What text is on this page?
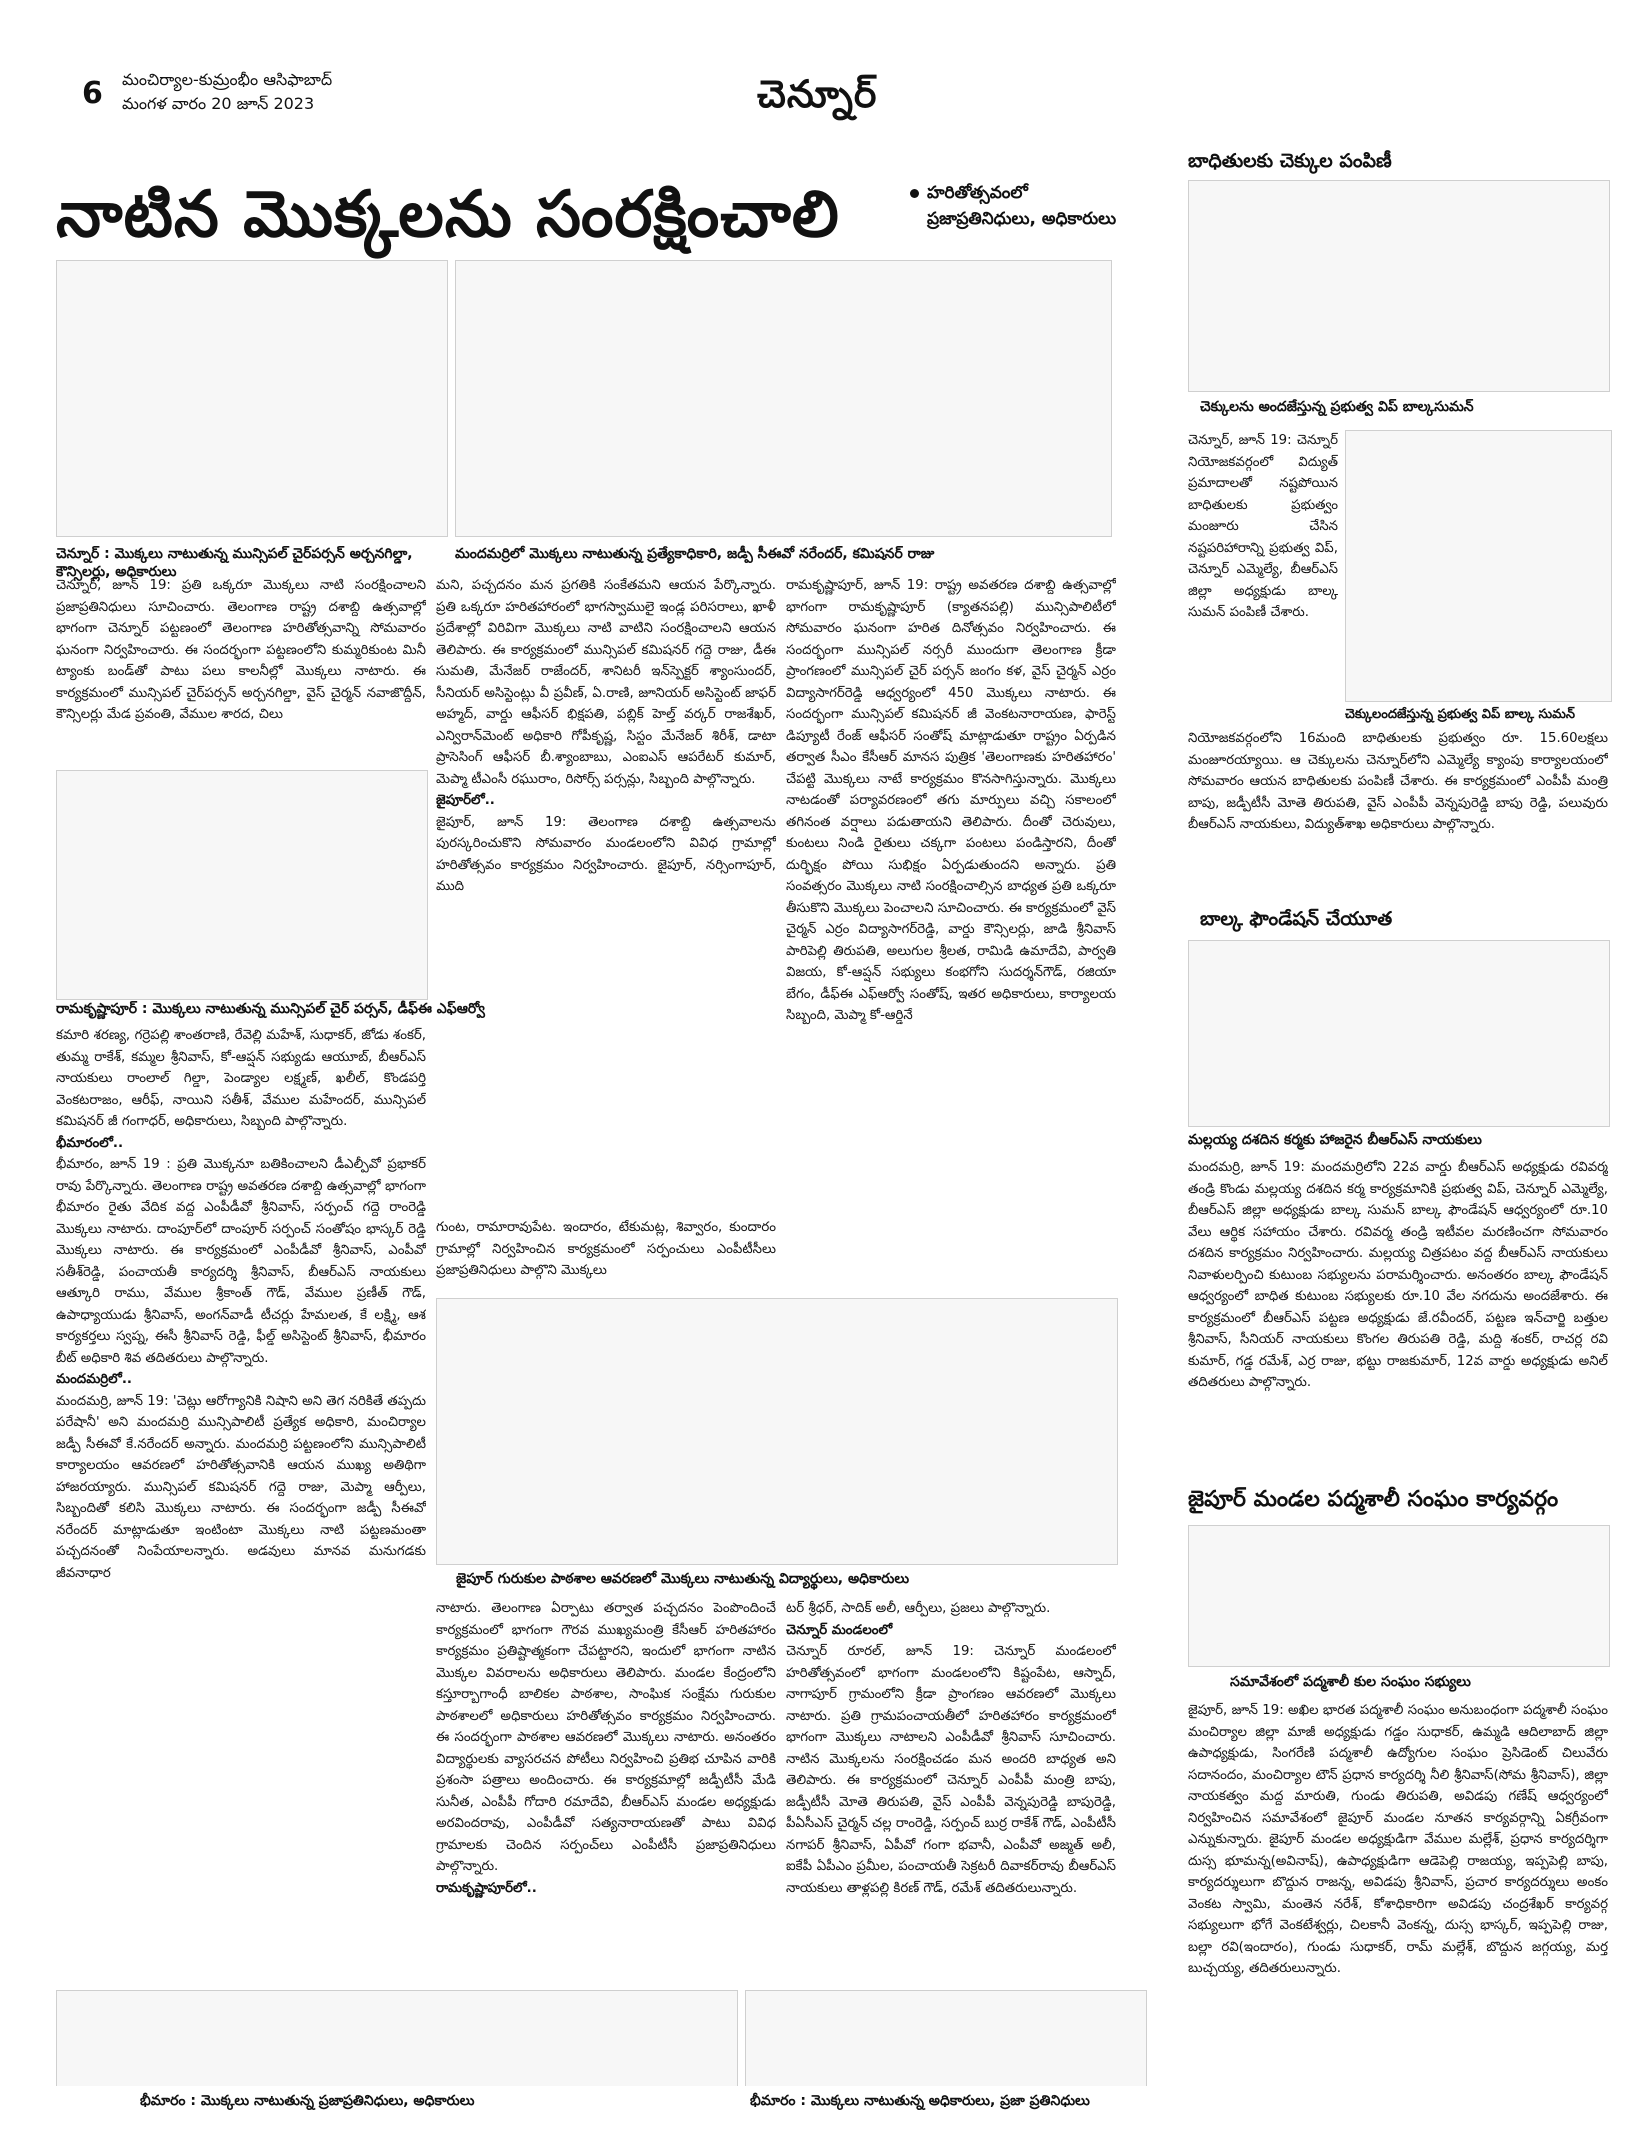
6 మంచిర్యాల-కుమ్రంభీం ఆసిఫాబాద్
మంగళ వారం 20 జూన్ 2023	చెన్నూర్
నాటిన మొక్కలను సంరక్షించాలి	హరితోత్సవంలో
ప్రజాప్రతినిధులు, అధికారులు
చెన్నూర్ : మొక్కలు నాటుతున్న మున్సిపల్ చైర్‌పర్సన్ అర్చనగిల్డా, కౌన్సిలర్లు, అధికారులు
మందమర్రిలో మొక్కలు నాటుతున్న ప్రత్యేకాధికారి, జడ్పీ సీఈవో నరేందర్, కమిషనర్ రాజు

చెన్నూర్, జూన్ 19: ప్రతి ఒక్కరూ మొక్కలు నాటి సంరక్షించాలని ప్రజాప్రతినిధులు సూచించారు. తెలంగాణ రాష్ట్ర దశాబ్ది ఉత్సవాల్లో భాగంగా చెన్నూర్ పట్టణంలో తెలంగాణ హరితోత్సవాన్ని సోమవారం ఘనంగా నిర్వహించారు. ఈ సందర్భంగా పట్టణంలోని కుమ్మరికుంట మినీ ట్యాంకు బండ్‌తో పాటు పలు కాలనీల్లో మొక్కలు నాటారు. ఈ కార్యక్రమంలో మున్సిపల్ చైర్‌పర్సన్ అర్చనగిల్డా, వైస్ చైర్మన్ నవాజొద్దీన్, కౌన్సిలర్లు మేడ ప్రవంతి, వేముల శారద, చిలు

మని, పచ్చదనం మన ప్రగతికి సంకేతమని ఆయన పేర్కొన్నారు. ప్రతి ఒక్కరూ హరితహారంలో భాగస్వాములై ఇండ్ల పరిసరాలు, ఖాళీ ప్రదేశాల్లో విరివిగా మొక్కలు నాటి వాటిని సంరక్షించాలని ఆయన తెలిపారు. ఈ కార్యక్రమంలో మున్సిపల్ కమిషనర్ గద్దె రాజు, డీఈ సుమతి, మేనేజర్ రాజేందర్, శానిటరీ ఇన్‌స్పెక్టర్ శ్యాంసుందర్, సీనియర్ అసిస్టెంట్లు వీ ప్రవీణ్, ఏ.రాణి, జూనియర్ అసిస్టెంట్ జాఫర్ అహ్మద్, వార్డు ఆఫీసర్ భిక్షపతి, పబ్లిక్ హెల్త్ వర్కర్ రాజశేఖర్, ఎన్విరాన్‌మెంట్ అధికారి గోపీకృష్ణ, సిస్టం మేనేజర్ శిరీశ్, డాటా ప్రాసెసింగ్ ఆఫీసర్ బీ.శ్యాంబాబు, ఎంఐఎస్ ఆపరేటర్ కుమార్, మెప్మా టీఎంసీ రఘురాం, రిసోర్స్ పర్సన్లు, సిబ్బంది పాల్గొన్నారు.

జైపూర్‌లో..

జైపూర్, జూన్ 19: తెలంగాణ దశాబ్ది ఉత్సవాలను పురస్కరించుకొని సోమవారం మండలంలోని వివిధ గ్రామాల్లో హరితోత్సవం కార్యక్రమం నిర్వహించారు. జైపూర్, నర్సింగాపూర్, ముది

రామకృష్ణాపూర్, జూన్ 19: రాష్ట్ర అవతరణ దశాబ్ది ఉత్సవాల్లో భాగంగా రామకృష్ణాపూర్ (క్యాతనపల్లి) మున్సిపాలిటీలో సోమవారం ఘనంగా హరిత దినోత్సవం నిర్వహించారు. ఈ సందర్భంగా మున్సిపల్ నర్సరీ ముందుగా తెలంగాణ క్రీడా ప్రాంగణంలో మున్సిపల్ చైర్ పర్సన్ జంగం కళ, వైస్ చైర్మన్ ఎర్రం విద్యాసాగర్‌రెడ్డి ఆధ్వర్యంలో 450 మొక్కలు నాటారు. ఈ సందర్భంగా మున్సిపల్ కమిషనర్ జీ వెంకటనారాయణ, ఫారెస్ట్ డిప్యూటీ రేంజ్ ఆఫీసర్ సంతోష్ మాట్లాడుతూ రాష్ట్రం ఏర్పడిన తర్వాత సీఎం కేసీఆర్ మానస పుత్రిక 'తెలంగాణకు హరితహారం' చేపట్టి మొక్కలు నాటే కార్యక్రమం కొనసాగిస్తున్నారు. మొక్కలు నాటడంతో పర్యావరణంలో తగు మార్పులు వచ్చి సకాలంలో తగినంత వర్షాలు పడుతాయని తెలిపారు. దీంతో చెరువులు, కుంటలు నిండి రైతులు చక్కగా పంటలు పండిస్తారని, దీంతో దుర్భిక్షం పోయి సుభిక్షం ఏర్పడుతుందని అన్నారు. ప్రతి సంవత్సరం మొక్కలు నాటి సంరక్షించాల్సిన బాధ్యత ప్రతి ఒక్కరూ తీసుకొని మొక్కలు పెంచాలని సూచించారు. ఈ కార్యక్రమంలో వైస్ చైర్మన్ ఎర్రం విద్యాసాగర్‌రెడ్డి, వార్డు కౌన్సిలర్లు, జాడి శ్రీనివాస్ పారిపెల్లి తిరుపతి, అలుగుల శ్రీలత, రామిడి ఉమాదేవి, పార్వతి విజయ, కో-ఆప్షన్ సభ్యులు కంభగోని సుదర్శన్‌గౌడ్, రజియా బేగం, డీఫ్ఈ ఎఫ్‌ఆర్వో సంతోష్, ఇతర అధికారులు, కార్యాలయ సిబ్బంది, మెప్మా కో-ఆర్డినే

రామకృష్ణాపూర్ : మొక్కలు నాటుతున్న మున్సిపల్ చైర్ పర్సన్, డీఫ్ఈ ఎఫ్‌ఆర్వో

కమారి శరణ్య, గర్రెపల్లి శాంతరాణి, రేవెల్లి మహేశ్, సుధాకర్, జోడు శంకర్, తుమ్మ రాకేశ్, కమ్మల శ్రీనివాస్, కో-ఆప్షన్ సభ్యుడు ఆయూబ్, బీఆర్‌ఎస్ నాయకులు రాంలాల్ గిల్డా, పెండ్యాల లక్ష్మణ్, ఖలీల్, కొండపర్తి వెంకటరాజం, ఆరీఫ్, నాయిని సతీశ్, వేముల మహేందర్, మున్సిపల్ కమిషనర్ జీ గంగాధర్, అధికారులు, సిబ్బంది పాల్గొన్నారు.

భీమారంలో..

భీమారం, జూన్ 19 : ప్రతి మొక్కనూ బతికించాలని డీఎల్పీవో ప్రభాకర్ రావు పేర్కొన్నారు. తెలంగాణ రాష్ట్ర అవతరణ దశాబ్ది ఉత్సవాల్లో భాగంగా భీమారం రైతు వేదిక వద్ద ఎంపీడీవో శ్రీనివాస్, సర్పంచ్ గద్దె రాంరెడ్డి మొక్కలు నాటారు. దాంపూర్‌లో దాంపూర్ సర్పంచ్ సంతోషం భాస్కర్ రెడ్డి మొక్కలు నాటారు. ఈ కార్యక్రమంలో ఎంపీడీవో శ్రీనివాస్, ఎంపీవో సతీశ్‌రెడ్డి, పంచాయతీ కార్యదర్శి శ్రీనివాస్, బీఆర్‌ఎస్ నాయకులు ఆత్కూరి రాము, వేముల శ్రీకాంత్ గౌడ్, వేముల ప్రణీత్ గౌడ్, ఉపాధ్యాయుడు శ్రీనివాస్, అంగన్‌వాడీ టీచర్లు హేమలత, కే లక్ష్మి, ఆశ కార్యకర్తలు స్వప్న, ఈసీ శ్రీనివాస్ రెడ్డి, ఫీల్డ్ అసిస్టెంట్ శ్రీనివాస్, భీమారం బీట్ అధికారి శివ తదితరులు పాల్గొన్నారు.

మందమర్రిలో..

మందమర్రి, జూన్ 19: 'చెట్లు ఆరోగ్యానికి నిషాని అని తెగ నరికితే తప్పదు పరేషానీ' అని మందమర్రి మున్సిపాలిటీ ప్రత్యేక అధికారి, మంచిర్యాల జడ్పీ సీఈవో కే.నరేందర్ అన్నారు. మందమర్రి పట్టణంలోని మున్సిపాలిటీ కార్యాలయం ఆవరణలో హరితోత్సవానికి ఆయన ముఖ్య అతిథిగా హాజరయ్యారు. మున్సిపల్ కమిషనర్ గద్దె రాజు, మెప్మా ఆర్పీలు, సిబ్బందితో కలిసి మొక్కలు నాటారు. ఈ సందర్భంగా జడ్పీ సీఈవో నరేందర్ మాట్లాడుతూ ఇంటింటా మొక్కలు నాటి పట్టణమంతా పచ్చదనంతో నింపేయాలన్నారు. అడవులు మానవ మనుగడకు జీవనాధార

గుంట, రామారావుపేట. ఇందారం, టేకుమట్ల, శివ్వారం, కుందారం గ్రామాల్లో నిర్వహించిన కార్యక్రమంలో సర్పంచులు ఎంపీటీసీలు ప్రజాప్రతినిధులు పాల్గొని మొక్కలు

జైపూర్ గురుకుల పాఠశాల ఆవరణలో మొక్కలు నాటుతున్న విద్యార్థులు, అధికారులు

నాటారు. తెలంగాణ ఏర్పాటు తర్వాత పచ్చదనం పెంపొందించే కార్యక్రమంలో భాగంగా గౌరవ ముఖ్యమంత్రి కేసీఆర్ హరితహారం కార్యక్రమం ప్రతిష్టాత్మకంగా చేపట్టారని, ఇందులో భాగంగా నాటిన మొక్కల వివరాలను అధికారులు తెలిపారు. మండల కేంద్రంలోని కస్తూర్బాగాంధీ బాలికల పాఠశాల, సాంఘిక సంక్షేమ గురుకుల పాఠశాలలో అధికారులు హరితోత్సవం కార్యక్రమం నిర్వహించారు. ఈ సందర్భంగా పాఠశాల ఆవరణలో మొక్కలు నాటారు. అనంతరం విద్యార్థులకు వ్యాసరచన పోటీలు నిర్వహించి ప్రతిభ చూపిన వారికి ప్రశంసా పత్రాలు అందించారు. ఈ కార్యక్రమాల్లో జడ్పీటీసీ మేడి సునీత, ఎంపీపీ గోదారి రమాదేవి, బీఆర్‌ఎస్ మండల అధ్యక్షుడు అరవిందరావు, ఎంపీడీవో సత్యనారాయణతో పాటు వివిధ గ్రామాలకు చెందిన సర్పంచ్‌లు ఎంపీటీసీ ప్రజాప్రతినిధులు పాల్గొన్నారు.

రామకృష్ణాపూర్‌లో..

టర్ శ్రీధర్, సాదిక్ అలీ, ఆర్పీలు, ప్రజలు పాల్గొన్నారు.

చెన్నూర్ మండలంలో

చెన్నూర్ రూరల్, జూన్ 19: చెన్నూర్ మండలంలో హరితోత్సవంలో భాగంగా మండలంలోని కిష్టంపేట, ఆస్నాద్, నాగాపూర్ గ్రామంలోని క్రీడా ప్రాంగణం ఆవరణలో మొక్కలు నాటారు. ప్రతి గ్రామపంచాయతీలో హరితహారం కార్యక్రమంలో భాగంగా మొక్కలు నాటాలని ఎంపీడీవో శ్రీనివాస్ సూచించారు. నాటిన మొక్కలను సంరక్షించడం మన అందరి బాధ్యత అని తెలిపారు. ఈ కార్యక్రమంలో చెన్నూర్ ఎంపీపీ మంత్రి బాపు, జడ్పీటీసీ మోతె తిరుపతి, వైస్ ఎంపీపీ వెన్నపురెడ్డి బాపురెడ్డి, పీఏసీఎస్ చైర్మన్ చల్ల రాంరెడ్డి, సర్పంచ్ బుర్ర రాకేశ్ గౌడ్, ఎంపీటీసీ నగాపర్ శ్రీనివాస్, ఏపీవో గంగా భవానీ, ఎంపీవో అజ్మత్ అలీ, ఐకేపీ ఏపీఎం ప్రమీల, పంచాయతీ సెక్రటరీ దివాకర్‌రావు బీఆర్‌ఎస్ నాయకులు తాళ్లపల్లి కిరణ్ గౌడ్, రమేశ్ తదితరులున్నారు.

భీమారం : మొక్కలు నాటుతున్న ప్రజాప్రతినిధులు, అధికారులు	భీమారం : మొక్కలు నాటుతున్న అధికారులు, ప్రజా ప్రతినిధులు
బాధితులకు చెక్కుల పంపిణీ
చెక్కులను అందజేస్తున్న ప్రభుత్వ విప్ బాల్కసుమన్

చెన్నూర్, జూన్ 19: చెన్నూర్ నియోజకవర్గంలో విద్యుత్ ప్రమాదాలతో నష్టపోయిన బాధితులకు ప్రభుత్వం మంజూరు చేసిన నష్టపరిహారాన్ని ప్రభుత్వ విప్, చెన్నూర్ ఎమ్మెల్యే, బీఆర్‌ఎస్ జిల్లా అధ్యక్షుడు బాల్క సుమన్ పంపిణీ చేశారు.

చెక్కులందజేస్తున్న ప్రభుత్వ విప్ బాల్క సుమన్

నియోజకవర్గంలోని 16మంది బాధితులకు ప్రభుత్వం రూ. 15.60లక్షలు మంజూరయ్యాయి. ఆ చెక్కులను చెన్నూర్‌లోని ఎమ్మెల్యే క్యాంపు కార్యాలయంలో సోమవారం ఆయన బాధితులకు పంపిణీ చేశారు. ఈ కార్యక్రమంలో ఎంపీపీ మంత్రి బాపు, జడ్పీటీసీ మోతె తిరుపతి, వైస్ ఎంపీపీ వెన్నపురెడ్డి బాపు రెడ్డి, పలువురు బీఆర్‌ఎస్ నాయకులు, విద్యుత్‌శాఖ అధికారులు పాల్గొన్నారు.

బాల్క ఫౌండేషన్ చేయూత
మల్లయ్య దశదిన కర్మకు హాజరైన బీఆర్‌ఎస్ నాయకులు

మందమర్రి, జూన్ 19: మందమర్రిలోని 22వ వార్డు బీఆర్‌ఎస్ అధ్యక్షుడు రవివర్మ తండ్రి కొండు మల్లయ్య దశదిన కర్మ కార్యక్రమానికి ప్రభుత్వ విప్, చెన్నూర్ ఎమ్మెల్యే, బీఆర్‌ఎస్ జిల్లా అధ్యక్షుడు బాల్క సుమన్ బాల్క ఫౌండేషన్ ఆధ్వర్యంలో రూ.10 వేలు ఆర్థిక సహాయం చేశారు. రవివర్మ తండ్రి ఇటీవల మరణించగా సోమవారం దశదిన కార్యక్రమం నిర్వహించారు. మల్లయ్య చిత్రపటం వద్ద బీఆర్‌ఎస్ నాయకులు నివాళులర్పించి కుటుంబ సభ్యులను పరామర్శించారు. అనంతరం బాల్క ఫౌండేషన్ ఆధ్వర్యంలో బాధిత కుటుంబ సభ్యులకు రూ.10 వేల నగదును అందజేశారు. ఈ కార్యక్రమంలో బీఆర్‌ఎస్ పట్టణ అధ్యక్షుడు జే.రవీందర్, పట్టణ ఇన్‌చార్జి బత్తుల శ్రీనివాస్, సీనియర్ నాయకులు కొంగల తిరుపతి రెడ్డి, మద్ది శంకర్, రాచర్ల రవి కుమార్, గడ్డ రమేశ్, ఎర్ర రాజు, భట్టు రాజకుమార్, 12వ వార్డు అధ్యక్షుడు అనిల్ తదితరులు పాల్గొన్నారు.

జైపూర్ మండల పద్మశాలీ సంఘం కార్యవర్గం
సమావేశంలో పద్మశాలీ కుల సంఘం సభ్యులు

జైపూర్, జూన్ 19: అఖిల భారత పద్మశాలీ సంఘం అనుబంధంగా పద్మశాలీ సంఘం మంచిర్యాల జిల్లా మాజీ అధ్యక్షుడు గడ్డం సుధాకర్, ఉమ్మడి ఆదిలాబాద్ జిల్లా ఉపాధ్యక్షుడు, సింగరేణి పద్మశాలీ ఉద్యోగుల సంఘం ప్రెసిడెంట్ చిలువేరు సదానందం, మంచిర్యాల టౌన్ ప్రధాన కార్యదర్శి నీలి శ్రీనివాస్(సోమ శ్రీనివాస్), జిల్లా నాయకత్వం మద్ద మారుతి, గుండు తిరుపతి, అవిడపు గణేష్ ఆధ్వర్యంలో నిర్వహించిన సమావేశంలో జైపూర్ మండల నూతన కార్యవర్గాన్ని ఏకగ్రీవంగా ఎన్నుకున్నారు. జైపూర్ మండల అధ్యక్షుడిగా వేముల మల్లేశ్, ప్రధాన కార్యదర్శిగా దుస్స భూమన్న(అవినాష్), ఉపాధ్యక్షుడిగా ఆడెపెల్లి రాజయ్య, ఇప్పపెల్లి బాపు, కార్యదర్శులుగా బొద్దున రాజన్న, అవిడపు శ్రీనివాస్, ప్రచార కార్యదర్శులు అంకం వెంకట స్వామి, మంతెన నరేశ్, కోశాధికారిగా అవిడపు చంద్రశేఖర్ కార్యవర్గ సభ్యులుగా భోగే వెంకటేశ్వర్లు, చిలకానీ వెంకన్న, దుస్స భాస్కర్, ఇప్పపెల్లి రాజు, బల్లా రవి(ఇందారం), గుండు సుధాకర్, రామ్ మల్లేశ్, బొద్దున జగ్గయ్య, మర్త బుచ్చయ్య, తదితరులున్నారు.
